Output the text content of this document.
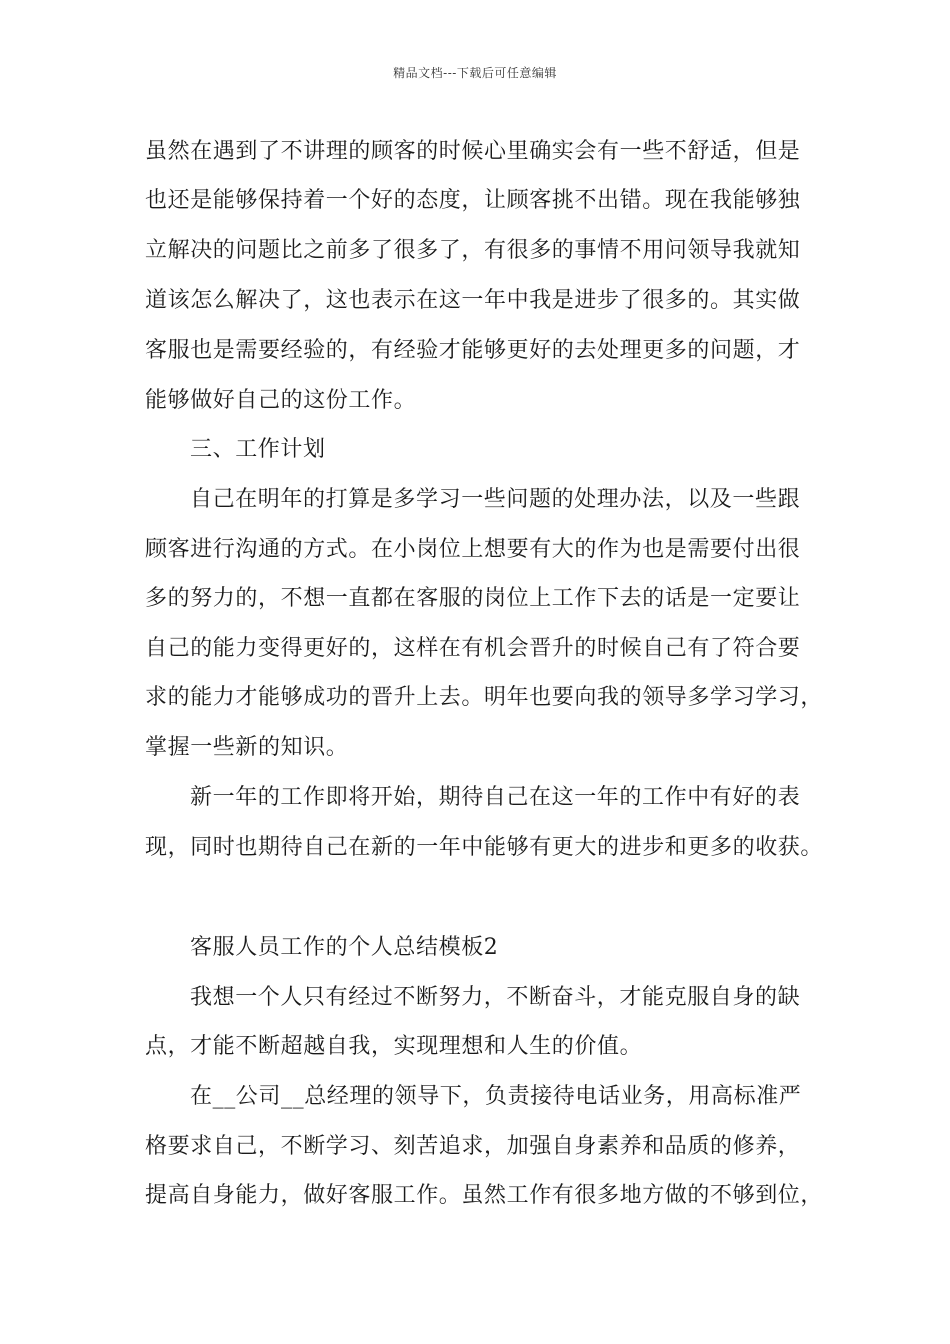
精品文档---下载后可任意编辑
虽然在遇到了不讲理的顾客的时候心里确实会有一些不舒适，但是
也还是能够保持着一个好的态度，让顾客挑不出错。现在我能够独
立解决的问题比之前多了很多了，有很多的事情不用问领导我就知
道该怎么解决了，这也表示在这一年中我是进步了很多的。其实做
客服也是需要经验的，有经验才能够更好的去处理更多的问题，才
能够做好自己的这份工作。
三、工作计划
自己在明年的打算是多学习一些问题的处理办法，以及一些跟
顾客进行沟通的方式。在小岗位上想要有大的作为也是需要付出很
多的努力的，不想一直都在客服的岗位上工作下去的话是一定要让
自己的能力变得更好的，这样在有机会晋升的时候自己有了符合要
求的能力才能够成功的晋升上去。明年也要向我的领导多学习学习，
掌握一些新的知识。
新一年的工作即将开始，期待自己在这一年的工作中有好的表
现，同时也期待自己在新的一年中能够有更大的进步和更多的收获。
客服人员工作的个人总结模板2
我想一个人只有经过不断努力，不断奋斗，才能克服自身的缺
点，才能不断超越自我，实现理想和人生的价值。
在__公司__总经理的领导下，负责接待电话业务，用高标准严
格要求自己，不断学习、刻苦追求，加强自身素养和品质的修养，
提高自身能力，做好客服工作。虽然工作有很多地方做的不够到位，
